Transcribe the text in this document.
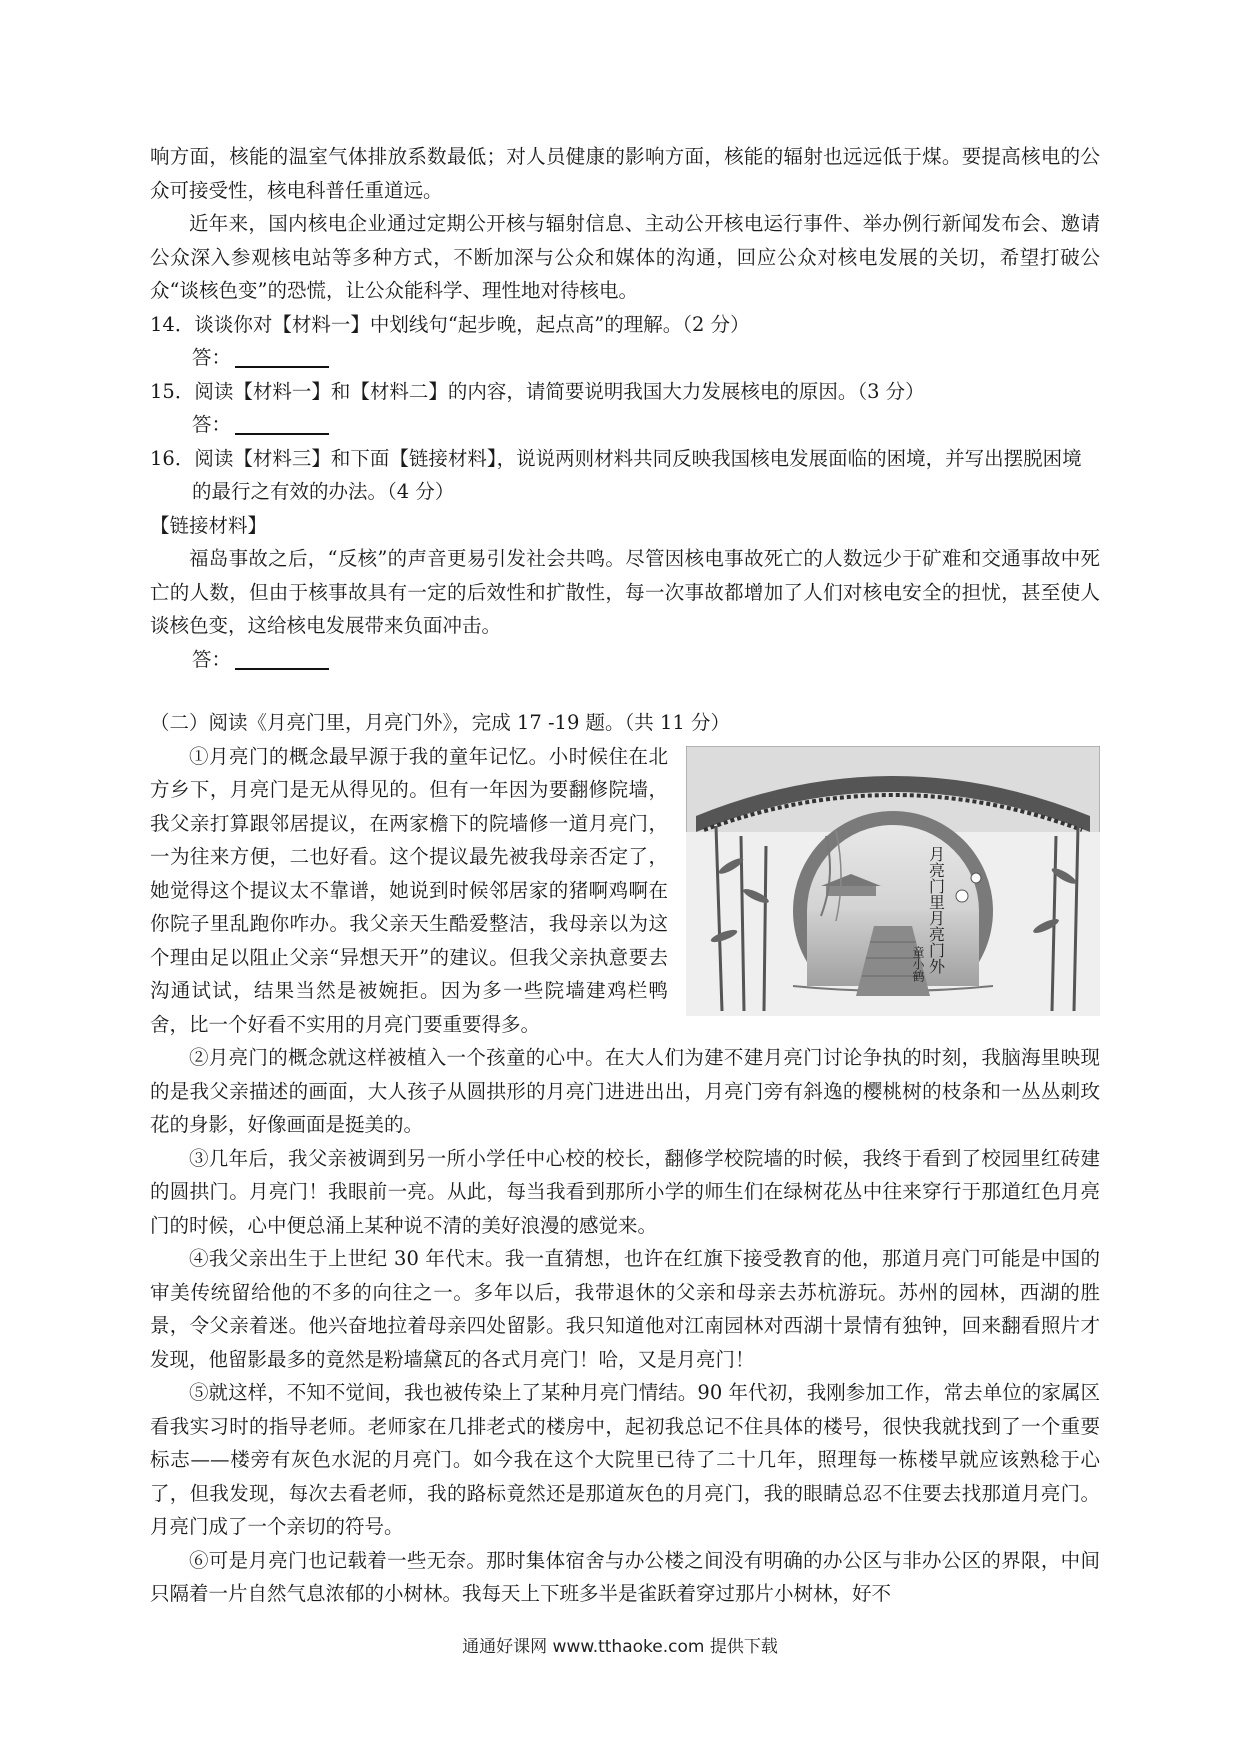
响方面，核能的温室气体排放系数最低；对人员健康的影响方面，核能的辐射也远远低于煤。要提高核电的公众可接受性，核电科普任重道远。

近年来，国内核电企业通过定期公开核与辐射信息、主动公开核电运行事件、举办例行新闻发布会、邀请公众深入参观核电站等多种方式，不断加深与公众和媒体的沟通，回应公众对核电发展的关切，希望打破公众“谈核色变”的恐慌，让公众能科学、理性地对待核电。

14．谈谈你对【材料一】中划线句“起步晚，起点高”的理解。（2 分）

答：

15．阅读【材料一】和【材料二】的内容，请简要说明我国大力发展核电的原因。（3 分）

答：

16．阅读【材料三】和下面【链接材料】，说说两则材料共同反映我国核电发展面临的困境，并写出摆脱困境的最行之有效的办法。（4 分）

【链接材料】

福岛事故之后，“反核”的声音更易引发社会共鸣。尽管因核电事故死亡的人数远少于矿难和交通事故中死亡的人数，但由于核事故具有一定的后效性和扩散性，每一次事故都增加了人们对核电安全的担忧，甚至使人谈核色变，这给核电发展带来负面冲击。

答：

（二）阅读《月亮门里，月亮门外》，完成 17 -19 题。（共 11 分）

月亮门里月亮门外
童小鹤
①月亮门的概念最早源于我的童年记忆。小时候住在北方乡下，月亮门是无从得见的。但有一年因为要翻修院墙，我父亲打算跟邻居提议，在两家檐下的院墙修一道月亮门，一为往来方便，二也好看。这个提议最先被我母亲否定了，她觉得这个提议太不靠谱，她说到时候邻居家的猪啊鸡啊在你院子里乱跑你咋办。我父亲天生酷爱整洁，我母亲以为这个理由足以阻止父亲“异想天开”的建议。但我父亲执意要去沟通试试，结果当然是被婉拒。因为多一些院墙建鸡栏鸭舍，比一个好看不实用的月亮门要重要得多。

②月亮门的概念就这样被植入一个孩童的心中。在大人们为建不建月亮门讨论争执的时刻，我脑海里映现的是我父亲描述的画面，大人孩子从圆拱形的月亮门进进出出，月亮门旁有斜逸的樱桃树的枝条和一丛丛刺玫花的身影，好像画面是挺美的。

③几年后，我父亲被调到另一所小学任中心校的校长，翻修学校院墙的时候，我终于看到了校园里红砖建的圆拱门。月亮门！我眼前一亮。从此，每当我看到那所小学的师生们在绿树花丛中往来穿行于那道红色月亮门的时候，心中便总涌上某种说不清的美好浪漫的感觉来。

④我父亲出生于上世纪 30 年代末。我一直猜想，也许在红旗下接受教育的他，那道月亮门可能是中国的审美传统留给他的不多的向往之一。多年以后，我带退休的父亲和母亲去苏杭游玩。苏州的园林，西湖的胜景，令父亲着迷。他兴奋地拉着母亲四处留影。我只知道他对江南园林对西湖十景情有独钟，回来翻看照片才发现，他留影最多的竟然是粉墙黛瓦的各式月亮门！哈，又是月亮门！

⑤就这样，不知不觉间，我也被传染上了某种月亮门情结。90 年代初，我刚参加工作，常去单位的家属区看我实习时的指导老师。老师家在几排老式的楼房中，起初我总记不住具体的楼号，很快我就找到了一个重要标志——楼旁有灰色水泥的月亮门。如今我在这个大院里已待了二十几年，照理每一栋楼早就应该熟稔于心了，但我发现，每次去看老师，我的路标竟然还是那道灰色的月亮门，我的眼睛总忍不住要去找那道月亮门。月亮门成了一个亲切的符号。

⑥可是月亮门也记载着一些无奈。那时集体宿舍与办公楼之间没有明确的办公区与非办公区的界限，中间只隔着一片自然气息浓郁的小树林。我每天上下班多半是雀跃着穿过那片小树林，好不

通通好课网 www.tthaoke.com 提供下载
